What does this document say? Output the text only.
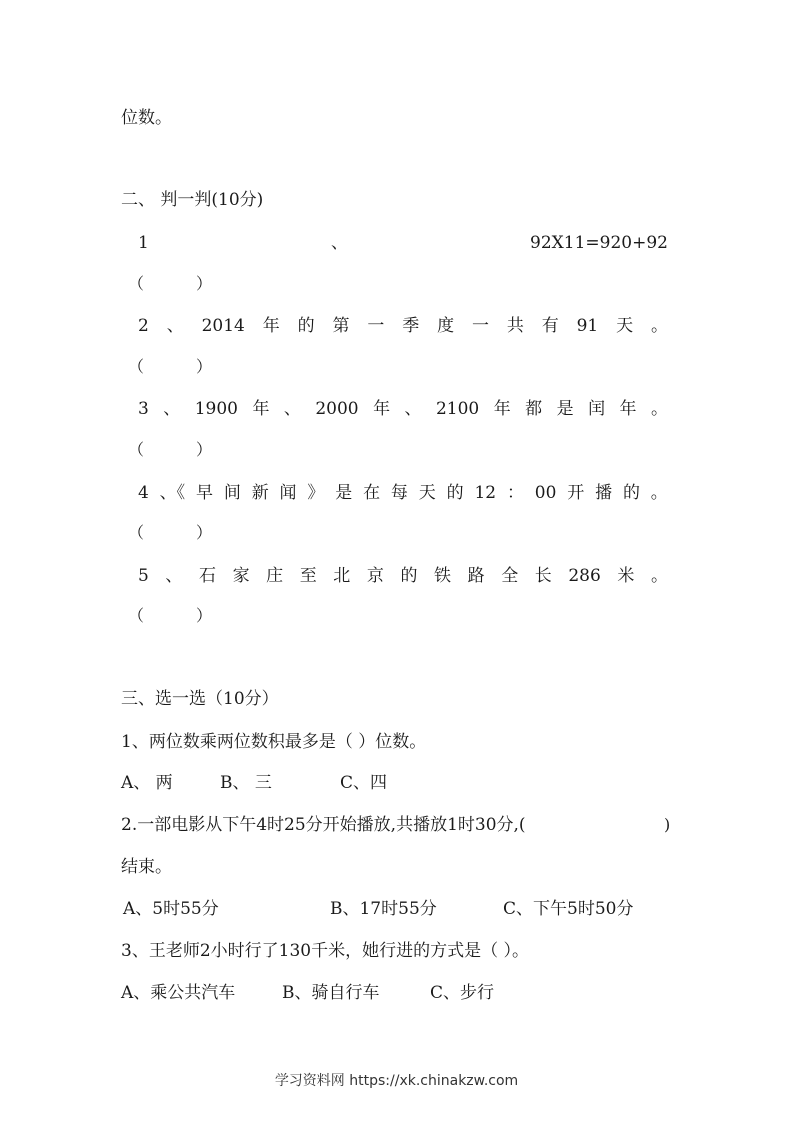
位数。
二、 判一判(10分)
1	、	92X11=920+92
（	）
2 、 2014 年 的 第 一 季 度 一 共 有 91 天 。
（	）
3 、 1900 年 、 2000 年 、 2100 年 都 是 闰 年 。
（	）
4 、《 早 间 新 闻 》 是 在 每 天 的 12 ： 00 开 播 的 。
（	）
5 、 石 家 庄 至 北 京 的 铁 路 全 长 286 米 。
（	）
三、选一选（10分）
1、两位数乘两位数积最多是（ ）位数。
A、 两	B、 三	C、四
2.一部电影从下午4时25分开始播放,共播放1时30分,(	)
结束。
A、5时55分	B、17时55分	C、下午5时50分
3、王老师2小时行了130千米，她行进的方式是（ ）。
A、乘公共汽车	B、骑自行车	C、步行
学习资料网 https://xk.chinakzw.com
